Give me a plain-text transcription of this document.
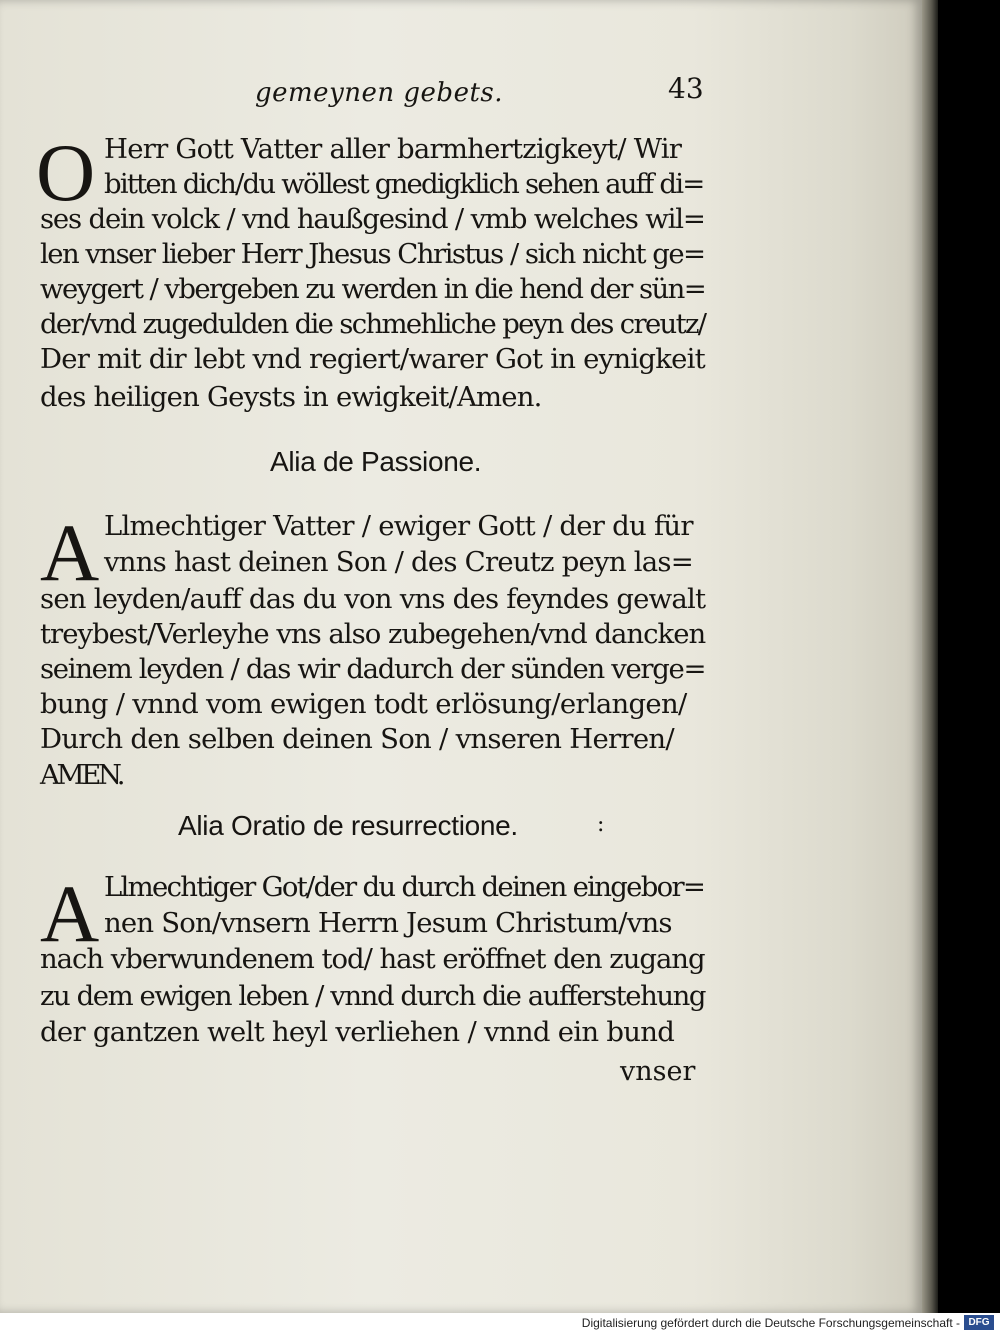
gemeynen gebets.	43
O Herr Gott Vatter aller barmhertzigkeyt/ Wir
bitten dich/du wöllest gnedigklich sehen auff di=
ses dein volck / vnd haußgesind / vmb welches wil=
len vnser lieber Herr Jhesus Christus / sich nicht ge=
weygert / vbergeben zu werden in die hend der sün=
der/vnd zugedulden die schmehliche peyn des creutz/
Der mit dir lebt vnd regiert/warer Got in eynigkeit
des heiligen Geysts in ewigkeit/Amen.
Alia de Passione.
A Llmechtiger Vatter / ewiger Gott / der du für
vnns hast deinen Son / des Creutz peyn las=
sen leyden/auff das du von vns des feyndes gewalt
treybest/Verleyhe vns also zubegehen/vnd dancken
seinem leyden / das wir dadurch der sünden verge=
bung / vnnd vom ewigen todt erlösung/erlangen/
Durch den selben deinen Son / vnseren Herren/
AMEN.
Alia Oratio de resurrectione.	:
A Llmechtiger Got/der du durch deinen eingebor=
nen Son/vnsern Herrn Jesum Christum/vns
nach vberwundenem tod/ hast eröffnet den zugang
zu dem ewigen leben / vnnd durch die aufferstehung
der gantzen welt heyl verliehen / vnnd ein bund
vnser
Digitalisierung gefördert durch die Deutsche Forschungsgemeinschaft - DFG
